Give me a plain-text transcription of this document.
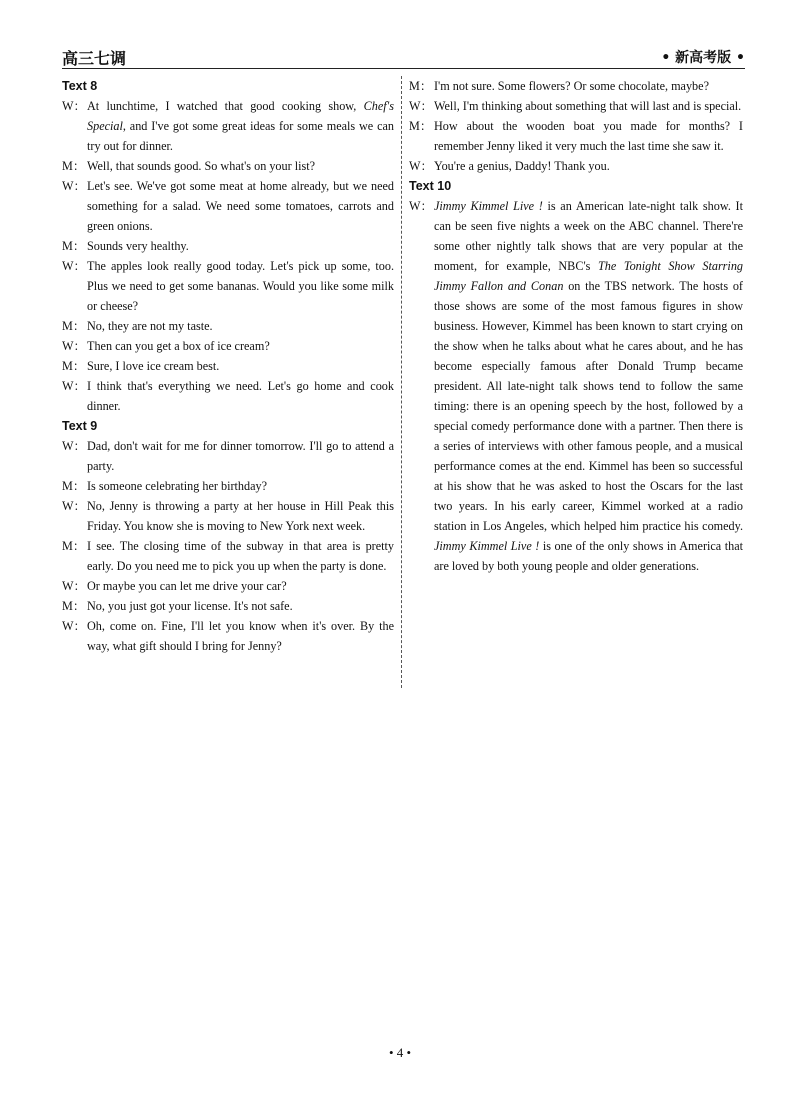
高三七调	• 新高考版 •
Text 8
W： At lunchtime, I watched that good cooking show, Chef's Special, and I've got some great ideas for some meals we can try out for dinner.
M： Well, that sounds good. So what's on your list?
W： Let's see. We've got some meat at home already, but we need something for a salad. We need some tomatoes, carrots and green onions.
M： Sounds very healthy.
W： The apples look really good today. Let's pick up some, too. Plus we need to get some bananas. Would you like some milk or cheese?
M： No, they are not my taste.
W： Then can you get a box of ice cream?
M： Sure, I love ice cream best.
W： I think that's everything we need. Let's go home and cook dinner.
Text 9
W： Dad, don't wait for me for dinner tomorrow. I'll go to attend a party.
M： Is someone celebrating her birthday?
W： No, Jenny is throwing a party at her house in Hill Peak this Friday. You know she is moving to New York next week.
M： I see. The closing time of the subway in that area is pretty early. Do you need me to pick you up when the party is done.
W： Or maybe you can let me drive your car?
M： No, you just got your license. It's not safe.
W： Oh, come on. Fine, I'll let you know when it's over. By the way, what gift should I bring for Jenny?
M： I'm not sure. Some flowers? Or some chocolate, maybe?
W： Well, I'm thinking about something that will last and is special.
M： How about the wooden boat you made for months? I remember Jenny liked it very much the last time she saw it.
W： You're a genius, Daddy! Thank you.
Text 10
W： Jimmy Kimmel Live ! is an American late-night talk show. It can be seen five nights a week on the ABC channel. There're some other nightly talk shows that are very popular at the moment, for example, NBC's The Tonight Show Starring Jimmy Fallon and Conan on the TBS network. The hosts of those shows are some of the most famous figures in show business. However, Kimmel has been known to start crying on the show when he talks about what he cares about, and he has become especially famous after Donald Trump became president. All late-night talk shows tend to follow the same timing: there is an opening speech by the host, followed by a special comedy performance done with a partner. Then there is a series of interviews with other famous people, and a musical performance comes at the end. Kimmel has been so successful at his show that he was asked to host the Oscars for the last two years. In his early career, Kimmel worked at a radio station in Los Angeles, which helped him practice his comedy. Jimmy Kimmel Live ! is one of the only shows in America that are loved by both young people and older generations.
• 4 •
